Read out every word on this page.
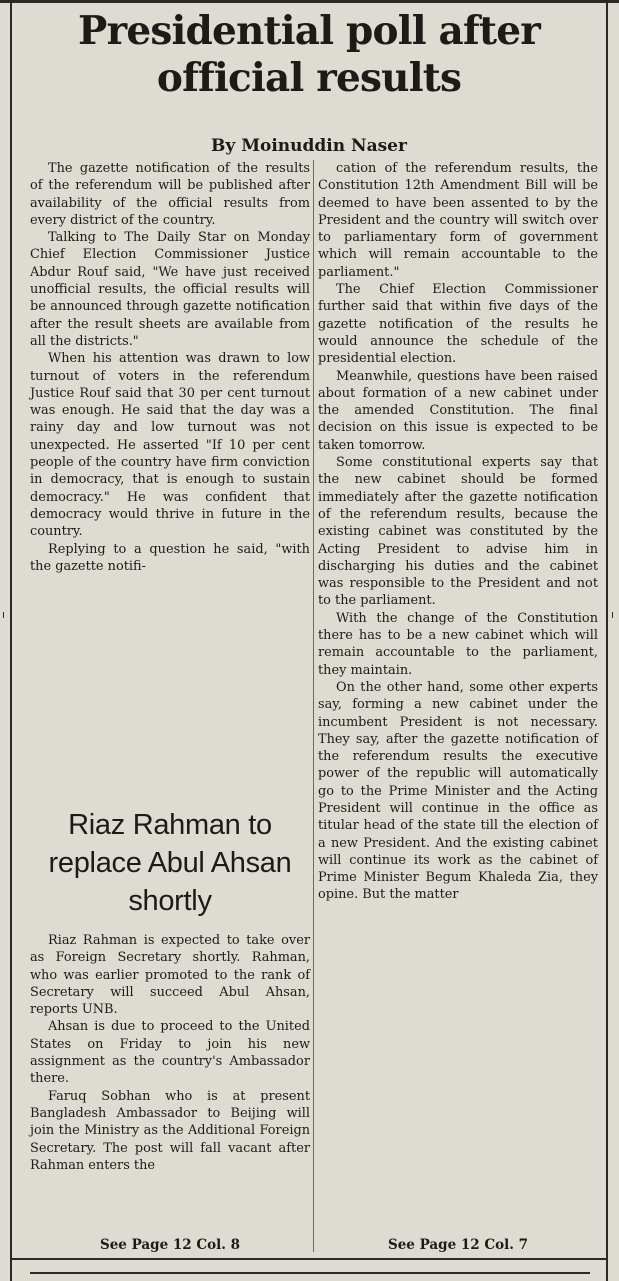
Presidential poll after official results
By Moinuddin Naser

The gazette notification of the results of the referendum will be published after availability of the official results from every district of the country.

Talking to The Daily Star on Monday Chief Election Commissioner Justice Abdur Rouf said, "We have just received unofficial results, the official results will be announced through gazette notification after the result sheets are available from all the districts."

When his attention was drawn to low turnout of voters in the referendum Justice Rouf said that 30 per cent turnout was enough. He said that the day was a rainy day and low turnout was not unexpected. He asserted "If 10 per cent people of the country have firm conviction in democracy, that is enough to sustain democracy." He was confident that democracy would thrive in future in the country.

Replying to a question he said, "with the gazette notifi-

cation of the referendum results, the Constitution 12th Amendment Bill will be deemed to have been assented to by the President and the country will switch over to parliamentary form of government which will remain accountable to the parliament."

The Chief Election Commissioner further said that within five days of the gazette notification of the results he would announce the schedule of the presidential election.

Meanwhile, questions have been raised about formation of a new cabinet under the amended Constitution. The final decision on this issue is expected to be taken tomorrow.

Some constitutional experts say that the new cabinet should be formed immediately after the gazette notification of the referendum results, because the existing cabinet was constituted by the Acting President to advise him in discharging his duties and the cabinet was responsible to the President and not to the parliament.

With the change of the Constitution there has to be a new cabinet which will remain accountable to the parliament, they maintain.

On the other hand, some other experts say, forming a new cabinet under the incumbent President is not necessary. They say, after the gazette notification of the referendum results the executive power of the republic will automatically go to the Prime Minister and the Acting President will continue in the office as titular head of the state till the election of a new President. And the existing cabinet will continue its work as the cabinet of Prime Minister Begum Khaleda Zia, they opine. But the matter

Riaz Rahman to replace Abul Ahsan shortly

Riaz Rahman is expected to take over as Foreign Secretary shortly. Rahman, who was earlier promoted to the rank of Secretary will succeed Abul Ahsan, reports UNB.

Ahsan is due to proceed to the United States on Friday to join his new assignment as the country's Ambassador there.

Faruq Sobhan who is at present Bangladesh Ambassador to Beijing will join the Ministry as the Additional Foreign Secretary. The post will fall vacant after Rahman enters the

See Page 12 Col. 8	See Page 12 Col. 7
